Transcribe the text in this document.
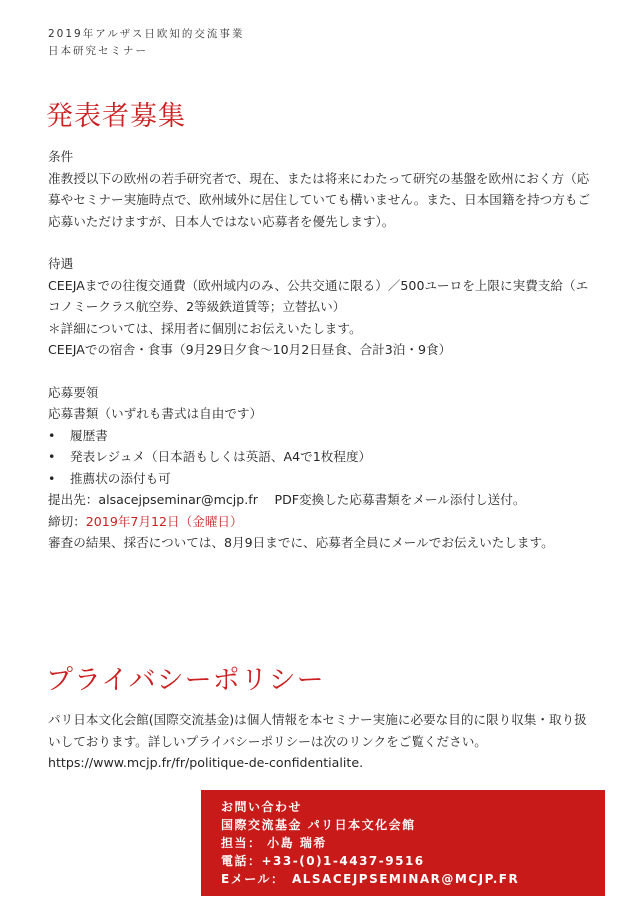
2019年アルザス日欧知的交流事業
日本研究セミナー
発表者募集

条件

准教授以下の欧州の若手研究者で、現在、または将来にわたって研究の基盤を欧州におく方（応募やセミナー実施時点で、欧州域外に居住していても構いません。また、日本国籍を持つ方もご応募いただけますが、日本人ではない応募者を優先します）。

待遇

CEEJAまでの往復交通費（欧州域内のみ、公共交通に限る）／500ユーロを上限に実費支給（エコノミークラス航空券、2等級鉄道賃等；立替払い）

＊詳細については、採用者に個別にお伝えいたします。

CEEJAでの宿舎・食事（9月29日夕食～10月2日昼食、合計3泊・9食）

応募要領

応募書類（いずれも書式は自由です）

•	履歴書
•	発表レジュメ（日本語もしくは英語、A4で1枚程度）
•	推薦状の添付も可

提出先：alsacejpseminar@mcjp.fr　 PDF変換した応募書類をメール添付し送付。

締切：2019年7月12日（金曜日）

審査の結果、採否については、8月9日までに、応募者全員にメールでお伝えいたします。

プライバシーポリシー

パリ日本文化会館(国際交流基金)は個人情報を本セミナー実施に必要な目的に限り収集・取り扱いしております。詳しいプライバシーポリシーは次のリンクをご覧ください。 https://www.mcjp.fr/fr/politique-de-confidentialite.

お問い合わせ
国際交流基金 パリ日本文化会館
担当： 小島 瑞希
電話：+33-(0)1-4437-9516
Eメール：　ALSACEJPSEMINAR@MCJP.FR
